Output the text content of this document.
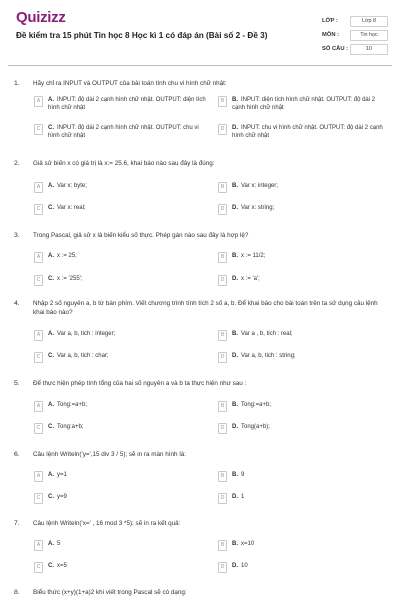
Quizizz
Đề kiểm tra 15 phút Tin học 8 Học kì 1 có đáp án (Bài số 2 - Đề 3)
LỚP :	Lớp 8
MÔN :	Tin học
SỐ CÂU :	10
1. Hãy chỉ ra INPUT và OUTPUT của bài toán tính chu vi hình chữ nhật:
A	A. INPUT: độ dài 2 cạnh hình chữ nhật. OUTPUT: diện tích hình chữ nhật
B	B. INPUT: diện tích hình chữ nhật. OUTPUT: độ dài 2 cạnh hình chữ nhật
C	C. INPUT: độ dài 2 cạnh hình chữ nhật. OUTPUT: chu vi hình chữ nhật
D	D. INPUT: chu vi hình chữ nhật. OUTPUT: độ dài 2 cạnh hình chữ nhật
2. Giả sử biến x có giá trị là x:= 25.6, khai báo nào sau đây là đúng:
A	A. Var x: byte;	B	B. Var x: integer;
C	C. Var x: real;	D	D. Var x: string;
3. Trong Pascal, giả sử x là biến kiểu số thực. Phép gán nào sau đây là hợp lệ?
A	A. x := 25;	B	B. x := 11/2;
C	C. x := '255';	D	D. x := 'a';
4. Nhập 2 số nguyên a, b từ bàn phím. Viết chương trình tính tích 2 số a, b. Để khai báo cho bài toán trên ta sử dụng câu lệnh khai báo nào?
A	A. Var a, b, tich : integer;	B	B. Var a , b, tich : real;
C	C. Var a, b, tich : char;	D	D. Var a, b, tich : string;
5. Để thực hiện phép tính tổng của hai số nguyên a và b ta thực hiện như sau :
A	A. Tong:=a+b;	B	B. Tong:=a+b;
C	C. Tong:a+b;	D	D. Tong(a+b);
6. Câu lệnh Writeln('y=',15 div 3 / 5); sẽ in ra màn hình là:
A	A. y=1	B	B. 9
C	C. y=9	D	D. 1
7. Câu lệnh Writeln('x=' , 16 mod 3 *5); sẽ in ra kết quả:
A	A. 5	B	B. x=10
C	C. x=5	D	D. 10
8. Biểu thức (x+y)(1+a)2 khi viết trong Pascal sẽ có dạng:
